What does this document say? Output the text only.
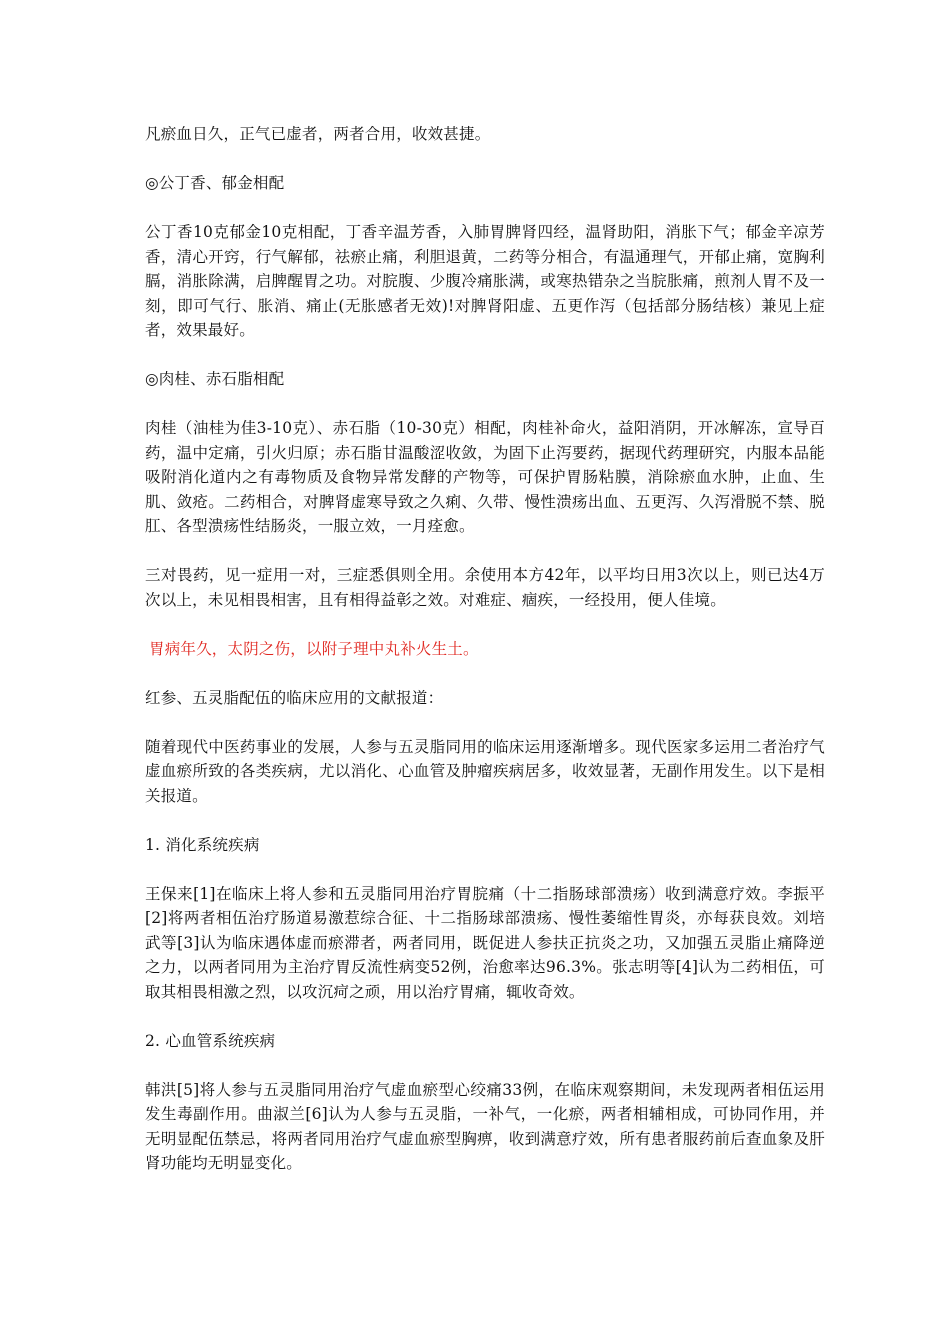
凡瘀血日久，正气已虚者，两者合用，收效甚捷。

◎公丁香、郁金相配

公丁香10克郁金10克相配，丁香辛温芳香，入肺胃脾肾四经，温肾助阳，消胀下气；郁金辛凉芳香，清心开窍，行气解郁，祛瘀止痛，利胆退黄，二药等分相合，有温通理气，开郁止痛，宽胸利膈，消胀除满，启脾醒胃之功。对脘腹、少腹冷痛胀满，或寒热错杂之当脘胀痛，煎剂人胃不及一刻，即可气行、胀消、痛止(无胀感者无效)!对脾肾阳虚、五更作泻（包括部分肠结核）兼见上症者，效果最好。

◎肉桂、赤石脂相配

肉桂（油桂为佳3-10克）、赤石脂（10-30克）相配，肉桂补命火，益阳消阴，开冰解冻，宣导百药，温中定痛，引火归原；赤石脂甘温酸涩收敛，为固下止泻要药，据现代药理研究，内服本品能吸附消化道内之有毒物质及食物异常发酵的产物等，可保护胃肠粘膜，消除瘀血水肿，止血、生肌、敛疮。二药相合，对脾肾虚寒导致之久痢、久带、慢性溃疡出血、五更泻、久泻滑脱不禁、脱肛、各型溃疡性结肠炎，一服立效，一月痊愈。

三对畏药，见一症用一对，三症悉俱则全用。余使用本方42年，以平均日用3次以上，则已达4万次以上，未见相畏相害，且有相得益彰之效。对难症、痼疾，一经投用，便人佳境。

胃病年久，太阴之伤，以附子理中丸补火生土。

红参、五灵脂配伍的临床应用的文献报道：

随着现代中医药事业的发展，人参与五灵脂同用的临床运用逐渐增多。现代医家多运用二者治疗气虚血瘀所致的各类疾病，尤以消化、心血管及肿瘤疾病居多，收效显著，无副作用发生。以下是相关报道。

1. 消化系统疾病

王保来[1]在临床上将人参和五灵脂同用治疗胃脘痛（十二指肠球部溃疡）收到满意疗效。李振平[2]将两者相伍治疗肠道易激惹综合征、十二指肠球部溃疡、慢性萎缩性胃炎，亦每获良效。刘培武等[3]认为临床遇体虚而瘀滞者，两者同用，既促进人参扶正抗炎之功，又加强五灵脂止痛降逆之力，以两者同用为主治疗胃反流性病变52例，治愈率达96.3%。张志明等[4]认为二药相伍，可取其相畏相激之烈，以攻沉疴之顽，用以治疗胃痛，辄收奇效。

2. 心血管系统疾病

韩洪[5]将人参与五灵脂同用治疗气虚血瘀型心绞痛33例，在临床观察期间，未发现两者相伍运用发生毒副作用。曲淑兰[6]认为人参与五灵脂，一补气，一化瘀，两者相辅相成，可协同作用，并无明显配伍禁忌，将两者同用治疗气虚血瘀型胸痹，收到满意疗效，所有患者服药前后查血象及肝肾功能均无明显变化。
